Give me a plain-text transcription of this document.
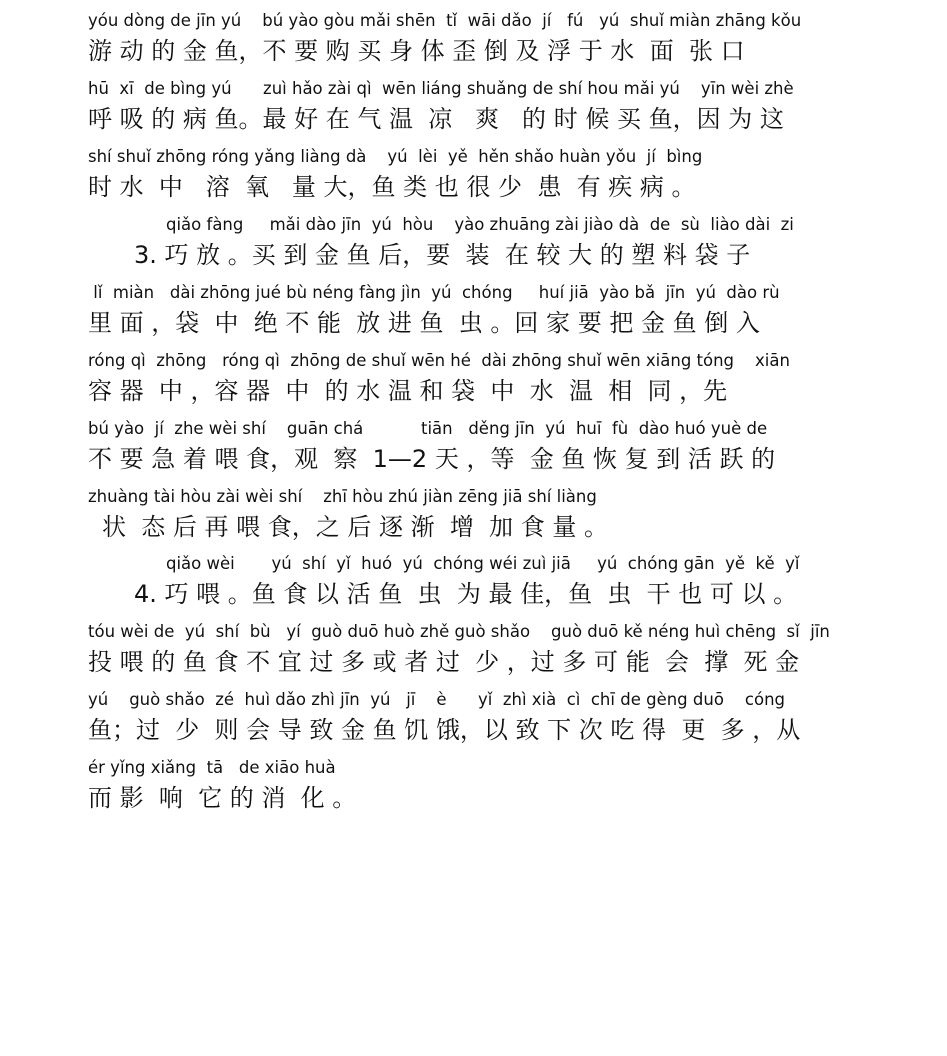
yóu dòng de jīn yú    bú yào gòu mǎi shēn  tǐ  wāi dǎo  jí   fú   yú  shuǐ miàn zhāng kǒu
游 动 的 金 鱼，不 要 购 买 身 体 歪 倒 及 浮 于 水  面  张 口
hū  xī  de bìng yú      zuì hǎo zài qì  wēn liáng shuǎng de shí hou mǎi yú    yīn wèi zhè
呼 吸 的 病 鱼。最 好 在 气 温  凉   爽   的 时 候 买 鱼，因 为 这
shí shuǐ zhōng róng yǎng liàng dà    yú  lèi  yě  hěn shǎo huàn yǒu  jí  bìng
时 水  中   溶  氧   量 大，鱼 类 也 很 少  患  有 疾 病 。
qiǎo fàng     mǎi dào jīn  yú  hòu    yào zhuāng zài jiào dà  de  sù  liào dài  zi
3. 巧 放 。买 到 金 鱼 后，要  装  在 较 大 的 塑 料 袋 子
lǐ  miàn   dài zhōng jué bù néng fàng jìn  yú  chóng     huí jiā  yào bǎ  jīn  yú  dào rù
里 面 ，袋  中  绝 不 能  放 进 鱼  虫 。回 家 要 把 金 鱼 倒 入
róng qì  zhōng   róng qì  zhōng de shuǐ wēn hé  dài zhōng shuǐ wēn xiāng tóng    xiān
容 器  中 ，容 器  中  的 水 温 和 袋  中  水  温  相  同 ，先
bú yào  jí  zhe wèi shí    guān chá           tiān   děng jīn  yú  huī  fù  dào huó yuè de
不 要 急 着 喂 食，观  察  1—2 天 ，等  金 鱼 恢 复 到 活 跃 的
zhuàng tài hòu zài wèi shí    zhī hòu zhú jiàn zēng jiā shí liàng
状  态 后 再 喂 食，之 后 逐 渐  增  加 食 量 。
qiǎo wèi       yú  shí  yǐ  huó  yú  chóng wéi zuì jiā     yú  chóng gān  yě  kě  yǐ
4. 巧 喂 。鱼 食 以 活 鱼  虫  为 最 佳，鱼  虫  干 也 可 以 。
tóu wèi de  yú  shí  bù   yí  guò duō huò zhě guò shǎo    guò duō kě néng huì chēng  sǐ  jīn
投 喂 的 鱼 食 不 宜 过 多 或 者 过  少 ，过 多 可 能  会  撑  死 金
yú    guò shǎo  zé  huì dǎo zhì jīn  yú   jī    è      yǐ  zhì xià  cì  chī de gèng duō    cóng
鱼；过  少  则 会 导 致 金 鱼 饥 饿，以 致 下 次 吃 得  更  多 ，从
ér yǐng xiǎng  tā   de xiāo huà
而 影  响  它 的 消  化 。
